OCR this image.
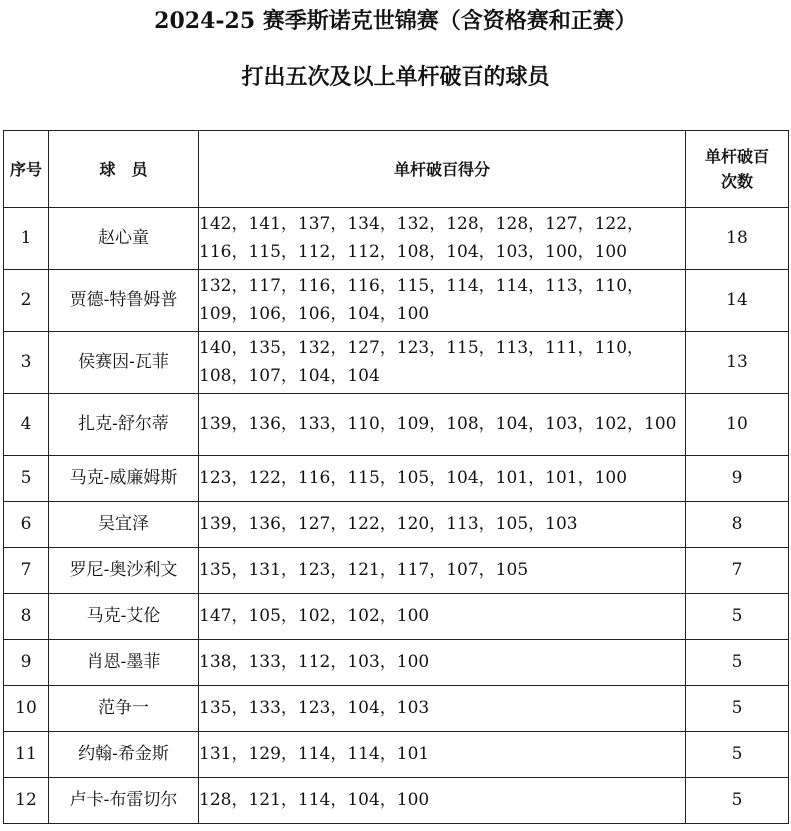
2024-25 赛季斯诺克世锦赛（含资格赛和正赛）
打出五次及以上单杆破百的球员
序号	球　员	单杆破百得分	单杆破百次数

1	赵心童	142，141，137，134，132，128，128，127，122，116，115，112，112，108，104，103，100，100	18
2	贾德-特鲁姆普	132，117，116，116，115，114，114，113，110，109，106，106，104，100	14
3	侯赛因-瓦菲	140，135，132，127，123，115，113，111，110，108，107，104，104	13
4	扎克-舒尔蒂	139，136，133，110，109，108，104，103，102，100	10
5	马克-威廉姆斯	123，122，116，115，105，104，101，101，100	9
6	吴宜泽	139，136，127，122，120，113，105，103	8
7	罗尼-奥沙利文	135，131，123，121，117，107，105	7
8	马克-艾伦	147，105，102，102，100	5
9	肖恩-墨菲	138，133，112，103，100	5
10	范争一	135，133，123，104，103	5
11	约翰-希金斯	131，129，114，114，101	5
12	卢卡-布雷切尔	128，121，114，104，100	5
